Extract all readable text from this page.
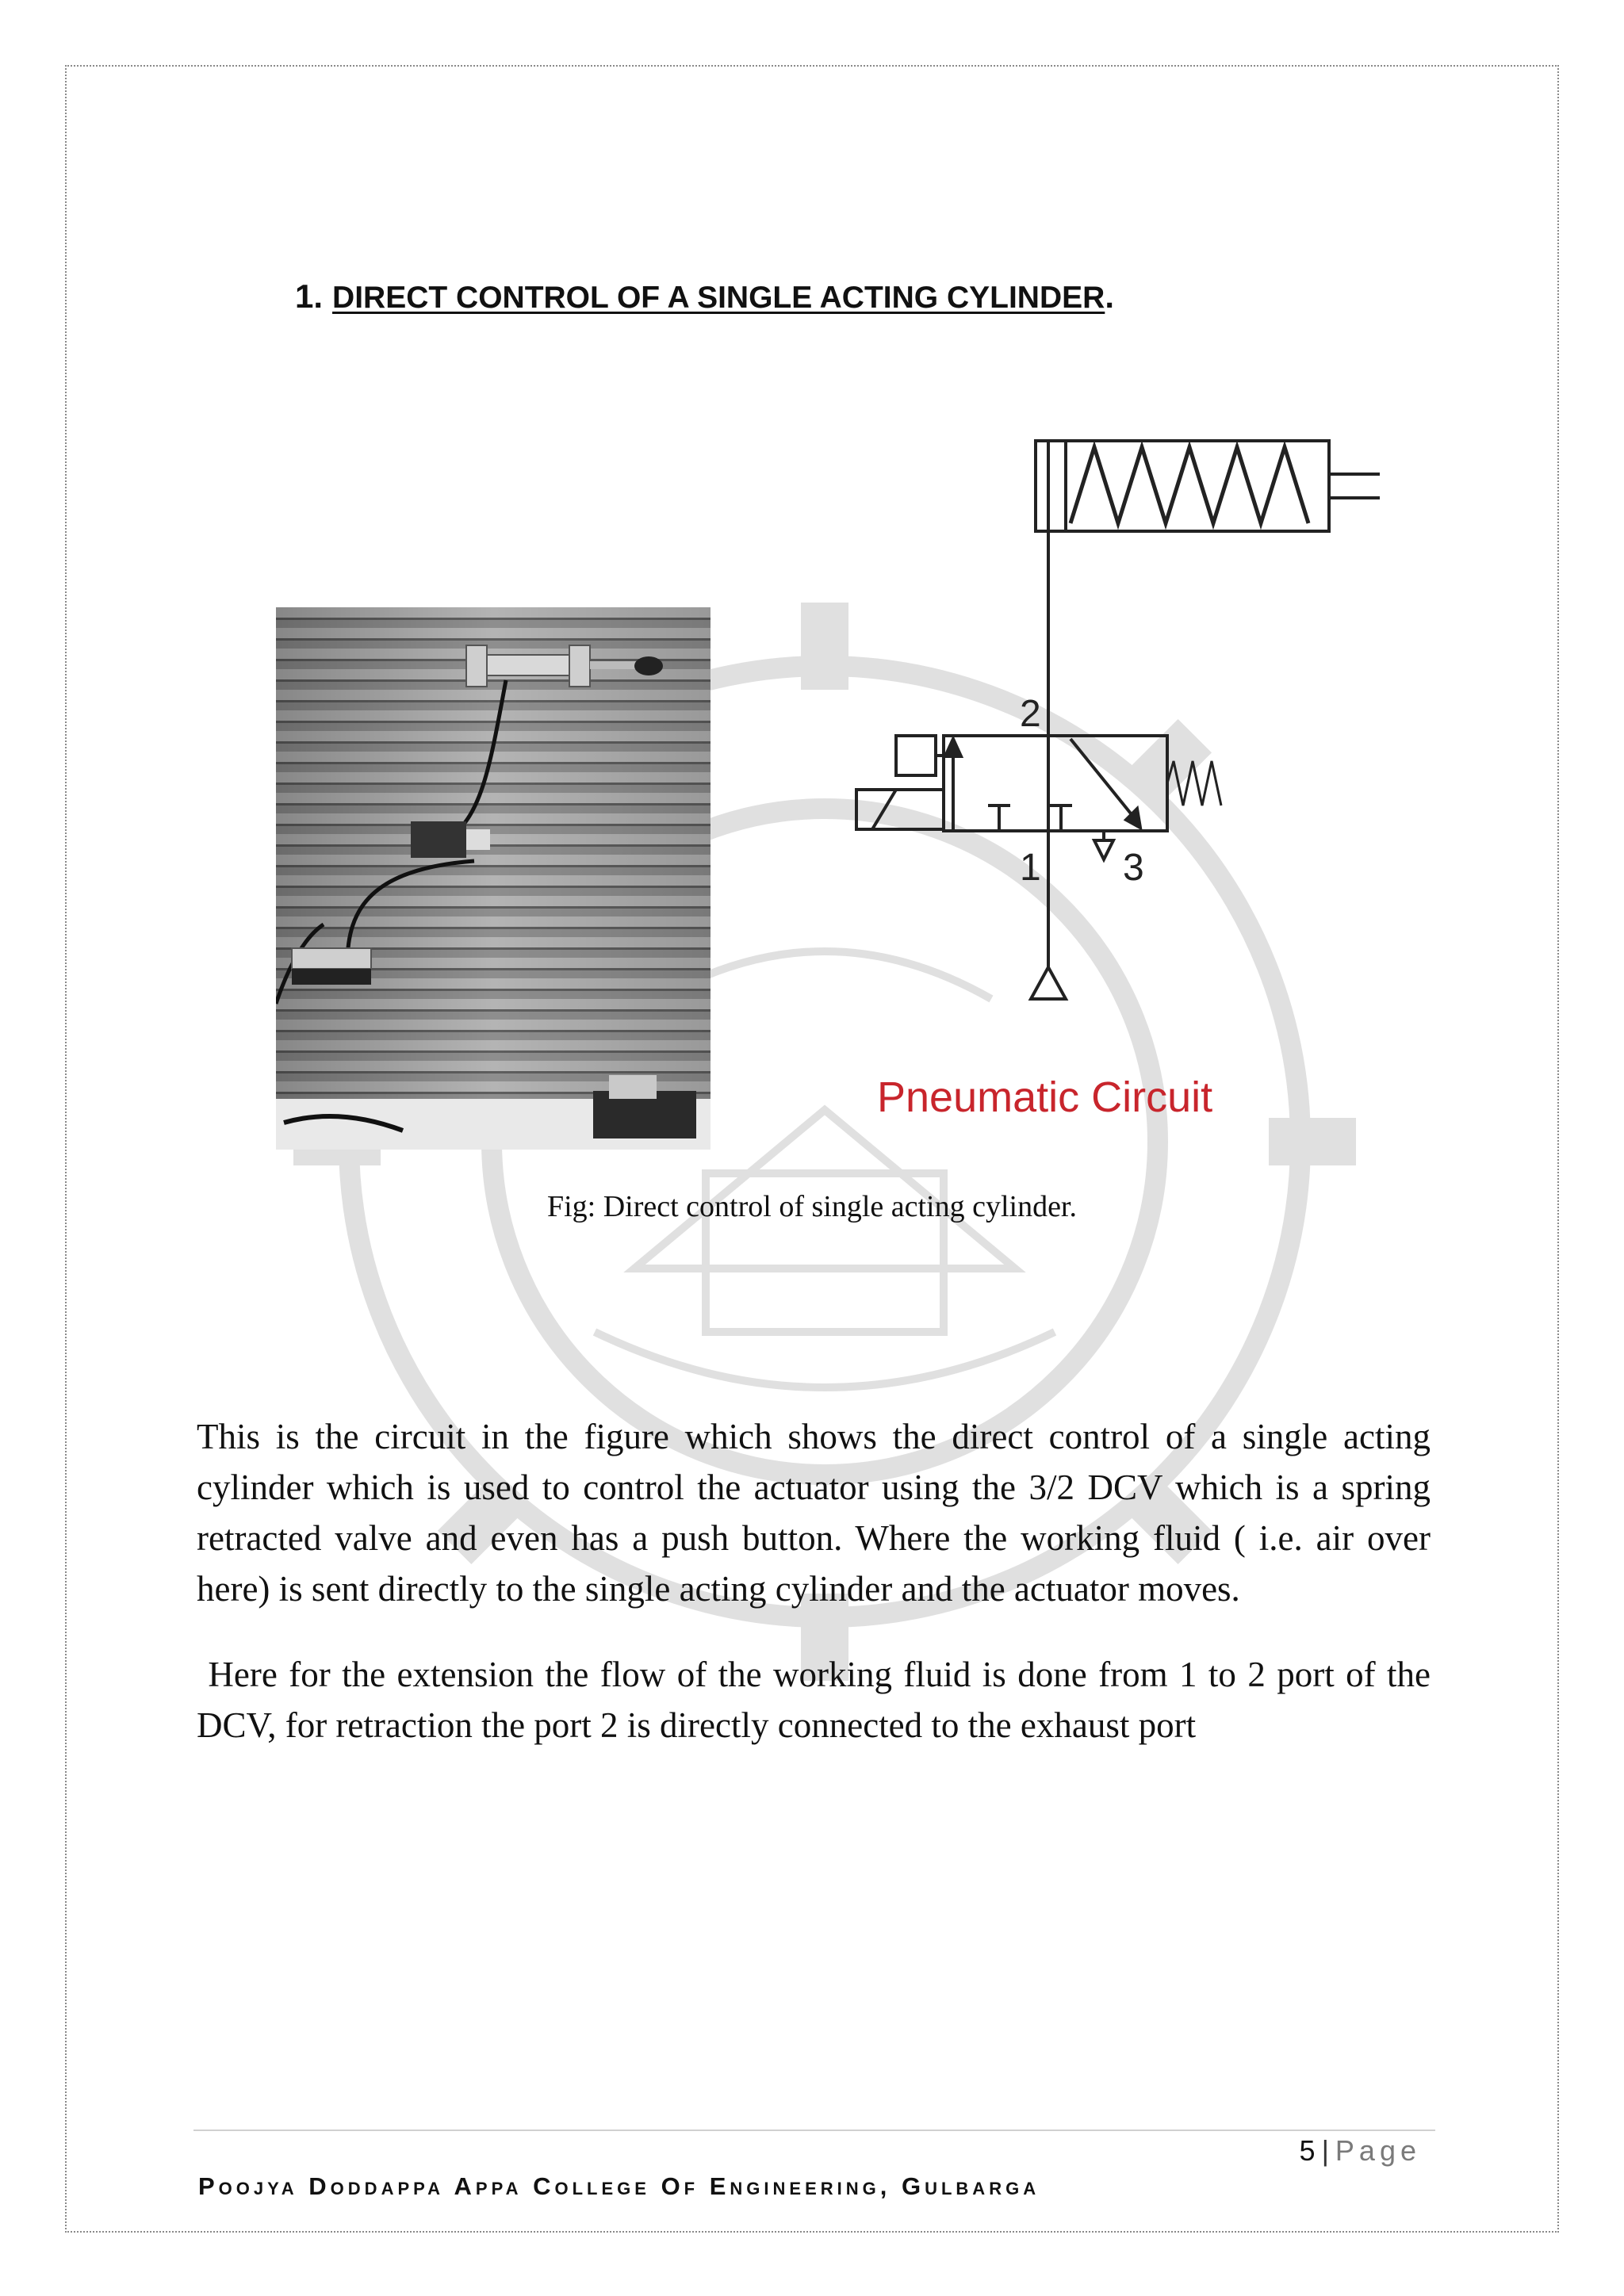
1. DIRECT CONTROL OF A SINGLE ACTING CYLINDER.
2
1 3
Pneumatic Circuit
Fig: Direct control of single acting cylinder.

This is the circuit in the figure which shows the direct control of a single acting cylinder which is used to control the actuator using the 3/2 DCV which is a spring retracted valve and even has a push button. Where the working fluid ( i.e. air over here) is sent directly to the single acting cylinder and the actuator moves.

Here for the extension the flow of the working fluid is done from 1 to 2 port of the DCV, for retraction the port 2 is directly connected to the exhaust port

5 | Page
Poojya Doddappa Appa College Of Engineering, Gulbarga
